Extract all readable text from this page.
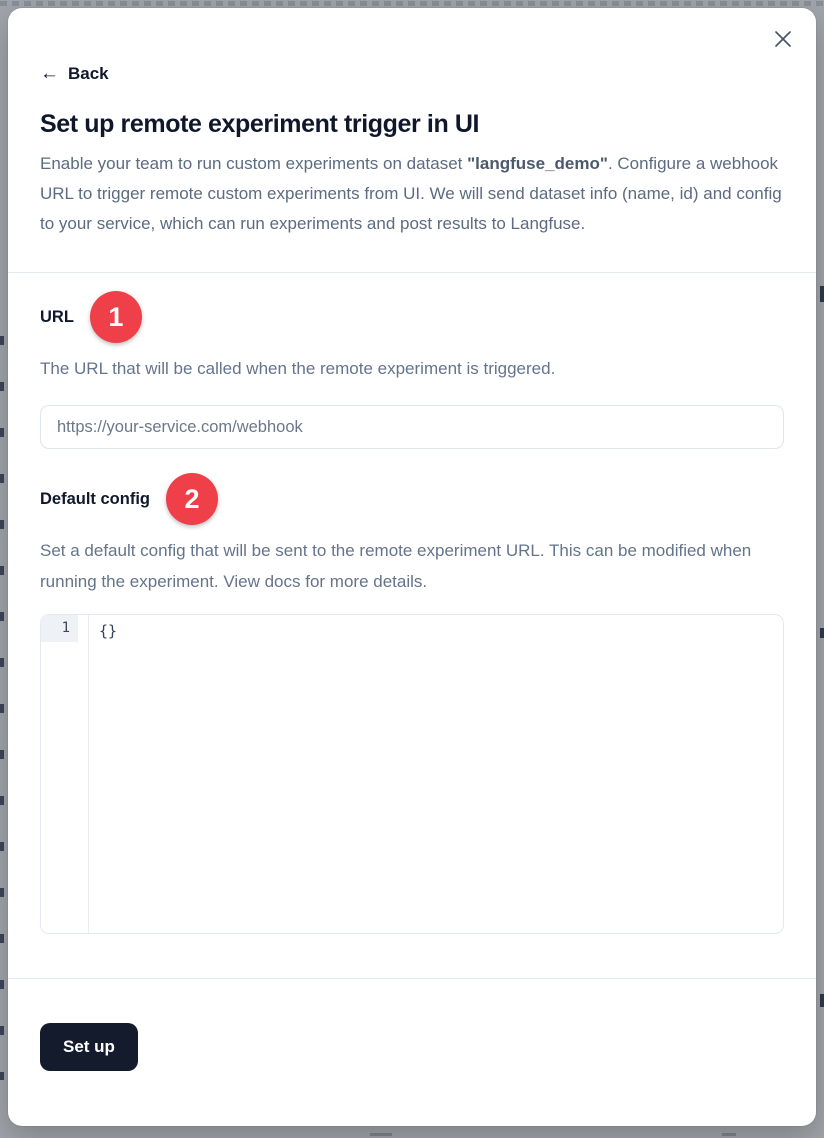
← Back
Set up remote experiment trigger in UI

Enable your team to run custom experiments on dataset "langfuse_demo". Configure a webhook URL to trigger remote custom experiments from UI. We will send dataset info (name, id) and config to your service, which can run experiments and post results to Langfuse.

URL	1

The URL that will be called when the remote experiment is triggered.

https://your-service.com/webhook
Default config	2

Set a default config that will be sent to the remote experiment URL. This can be modified when running the experiment. View docs for more details.

1	{}
Set up
